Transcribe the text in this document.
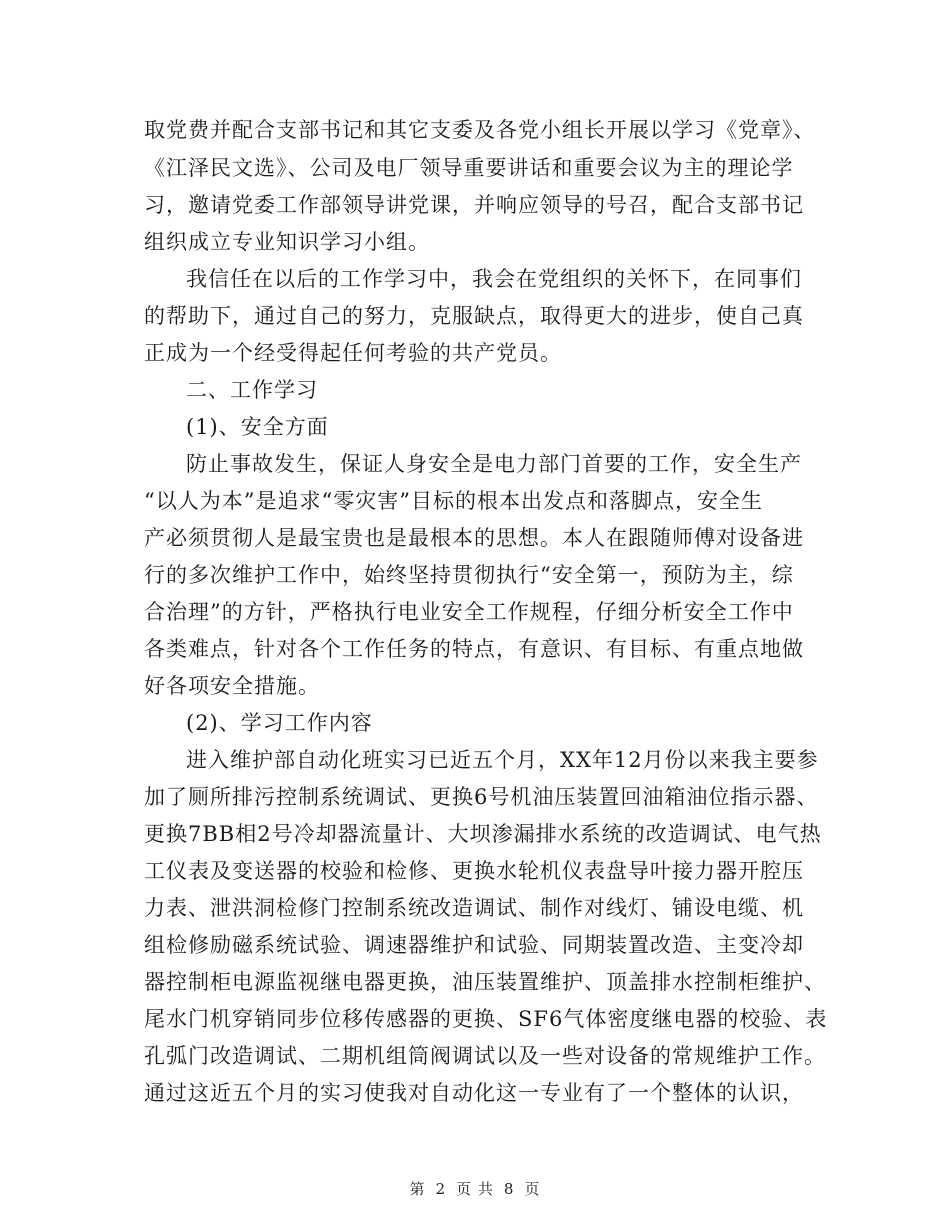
取党费并配合支部书记和其它支委及各党小组长开展以学习《党章》、
《江泽民文选》、公司及电厂领导重要讲话和重要会议为主的理论学
习，邀请党委工作部领导讲党课，并响应领导的号召，配合支部书记
组织成立专业知识学习小组。
我信任在以后的工作学习中，我会在党组织的关怀下，在同事们
的帮助下，通过自己的努力，克服缺点，取得更大的进步，使自己真
正成为一个经受得起任何考验的共产党员。
二、工作学习
(1)、安全方面
防止事故发生，保证人身安全是电力部门首要的工作，安全生产
“以人为本”是追求“零灾害”目标的根本出发点和落脚点，安全生
产必须贯彻人是最宝贵也是最根本的思想。本人在跟随师傅对设备进
行的多次维护工作中，始终坚持贯彻执行“安全第一，预防为主，综
合治理”的方针，严格执行电业安全工作规程，仔细分析安全工作中
各类难点，针对各个工作任务的特点，有意识、有目标、有重点地做
好各项安全措施。
(2)、学习工作内容
进入维护部自动化班实习已近五个月，XX年12月份以来我主要参
加了厕所排污控制系统调试、更换6号机油压装置回油箱油位指示器、
更换7BB相2号冷却器流量计、大坝渗漏排水系统的改造调试、电气热
工仪表及变送器的校验和检修、更换水轮机仪表盘导叶接力器开腔压
力表、泄洪洞检修门控制系统改造调试、制作对线灯、铺设电缆、机
组检修励磁系统试验、调速器维护和试验、同期装置改造、主变冷却
器控制柜电源监视继电器更换，油压装置维护、顶盖排水控制柜维护、
尾水门机穿销同步位移传感器的更换、SF6气体密度继电器的校验、表
孔弧门改造调试、二期机组筒阀调试以及一些对设备的常规维护工作。
通过这近五个月的实习使我对自动化这一专业有了一个整体的认识，
第 2 页 共 8 页
